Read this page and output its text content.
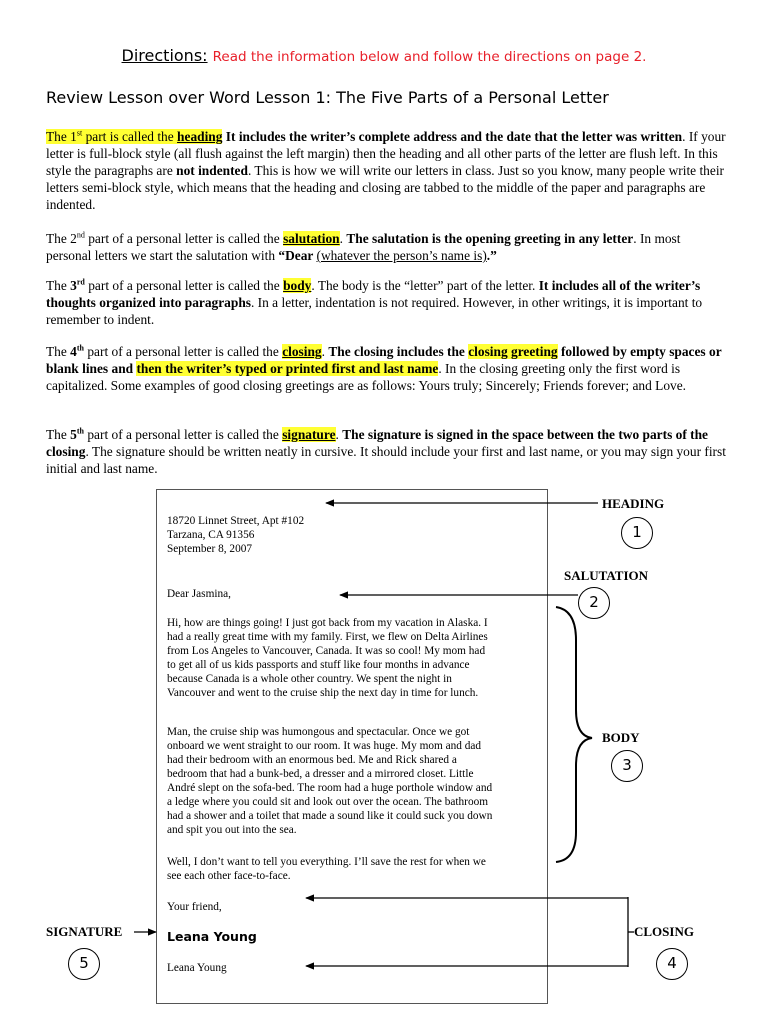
Directions: Read the information below and follow the directions on page 2.
Review Lesson over Word Lesson 1: The Five Parts of a Personal Letter
The 1st part is called the heading It includes the writer’s complete address and the date that the letter was written. If your letter is full-block style (all flush against the left margin) then the heading and all other parts of the letter are flush left. In this style the paragraphs are not indented. This is how we will write our letters in class. Just so you know, many people write their letters semi-block style, which means that the heading and closing are tabbed to the middle of the paper and paragraphs are indented.
The 2nd part of a personal letter is called the salutation. The salutation is the opening greeting in any letter. In most personal letters we start the salutation with “Dear (whatever the person’s name is).”
The 3rd part of a personal letter is called the body. The body is the “letter” part of the letter. It includes all of the writer’s thoughts organized into paragraphs. In a letter, indentation is not required. However, in other writings, it is important to remember to indent.
The 4th part of a personal letter is called the closing. The closing includes the closing greeting followed by empty spaces or blank lines and then the writer’s typed or printed first and last name. In the closing greeting only the first word is capitalized. Some examples of good closing greetings are as follows: Yours truly; Sincerely; Friends forever; and Love.
The 5th part of a personal letter is called the signature. The signature is signed in the space between the two parts of the closing. The signature should be written neatly in cursive. It should include your first and last name, or you may sign your first initial and last name.
18720 Linnet Street, Apt #102
Tarzana, CA 91356
September 8, 2007
Dear Jasmina,
Hi, how are things going! I just got back from my vacation in Alaska. I
had a really great time with my family. First, we flew on Delta Airlines
from Los Angeles to Vancouver, Canada. It was so cool! My mom had
to get all of us kids passports and stuff like four months in advance
because Canada is a whole other country. We spent the night in
Vancouver and went to the cruise ship the next day in time for lunch.
Man, the cruise ship was humongous and spectacular. Once we got
onboard we went straight to our room. It was huge. My mom and dad
had their bedroom with an enormous bed. Me and Rick shared a
bedroom that had a bunk-bed, a dresser and a mirrored closet. Little
André slept on the sofa-bed. The room had a huge porthole window and
a ledge where you could sit and look out over the ocean. The bathroom
had a shower and a toilet that made a sound like it could suck you down
and spit you out into the sea.
Well, I don’t want to tell you everything. I’ll save the rest for when we
see each other face-to-face.
Your friend,
Leana Young
Leana Young
HEADING
1
SALUTATION
2
BODY
3
SIGNATURE
5
CLOSING
4
